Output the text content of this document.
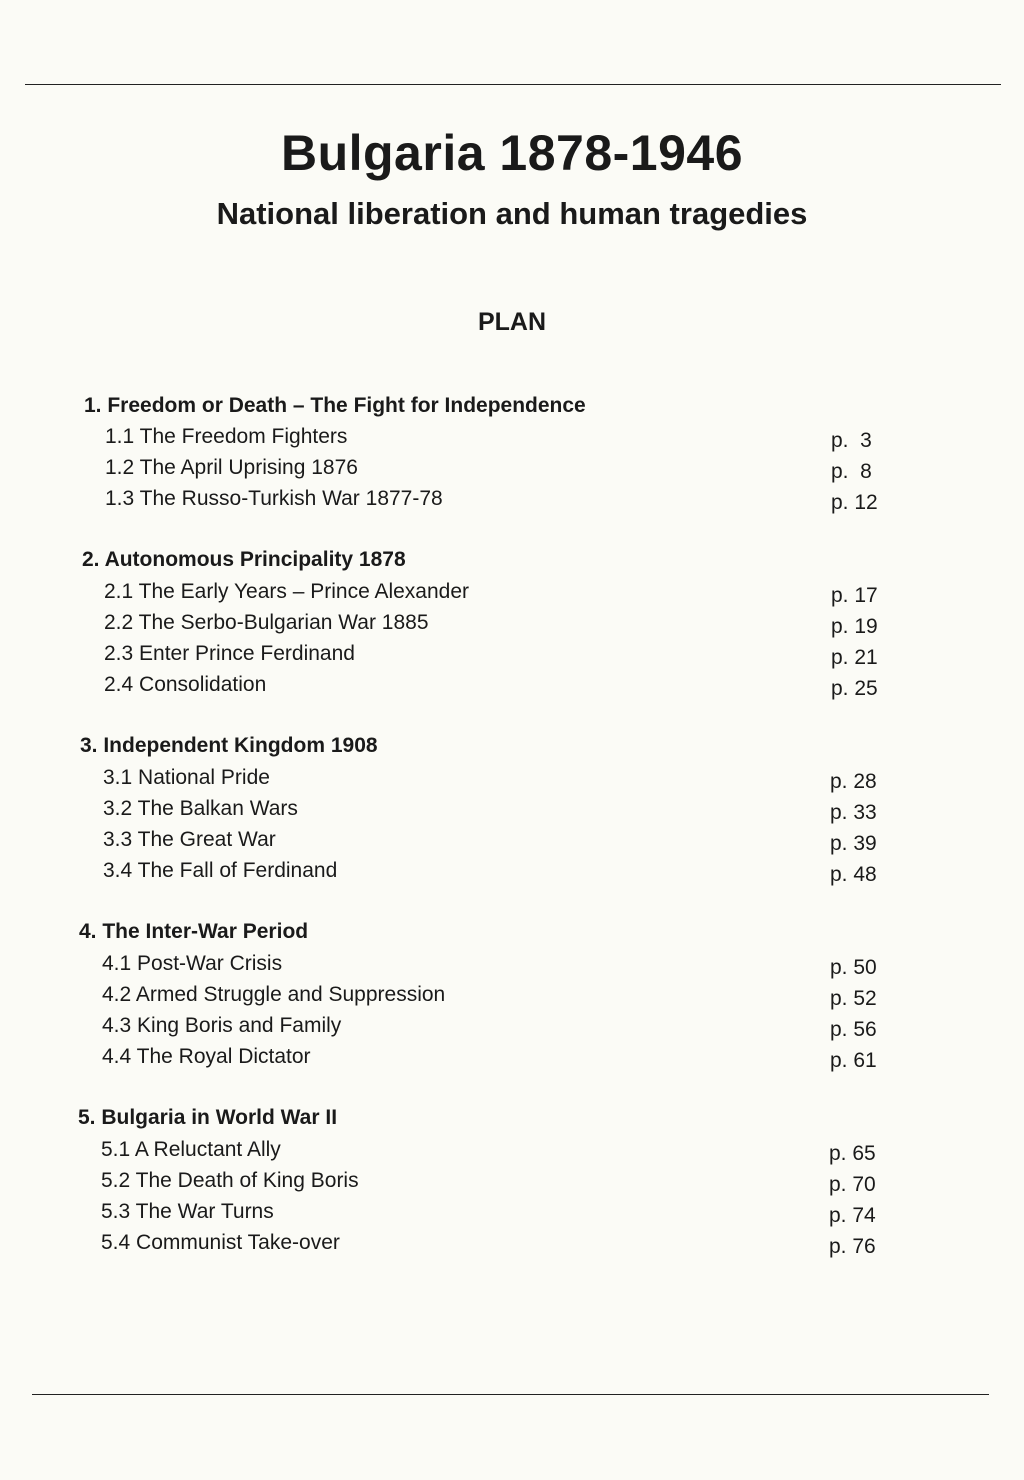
Bulgaria 1878-1946
National liberation and human tragedies
PLAN
1. Freedom or Death – The Fight for Independence
1.1 The Freedom Fighters	p.  3
1.2 The April Uprising 1876	p.  8
1.3 The Russo-Turkish War 1877-78	p. 12
2. Autonomous Principality 1878
2.1 The Early Years – Prince Alexander	p. 17
2.2 The Serbo-Bulgarian War 1885	p. 19
2.3 Enter Prince Ferdinand	p. 21
2.4 Consolidation	p. 25
3. Independent Kingdom 1908
3.1 National Pride	p. 28
3.2 The Balkan Wars	p. 33
3.3 The Great War	p. 39
3.4 The Fall of Ferdinand	p. 48
4. The Inter-War Period
4.1 Post-War Crisis	p. 50
4.2 Armed Struggle and Suppression	p. 52
4.3 King Boris and Family	p. 56
4.4 The Royal Dictator	p. 61
5. Bulgaria in World War II
5.1 A Reluctant Ally	p. 65
5.2 The Death of King Boris	p. 70
5.3 The War Turns	p. 74
5.4 Communist Take-over	p. 76
